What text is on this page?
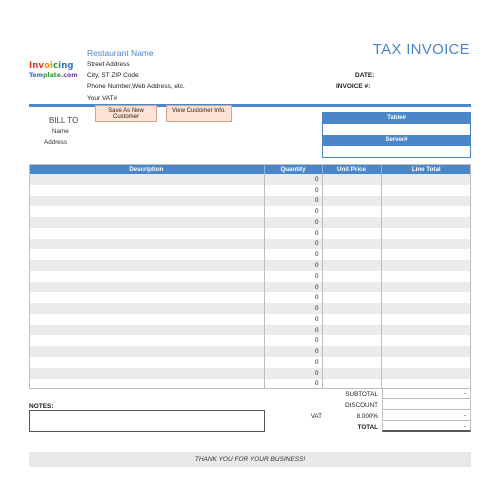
Invoicing
Template.com
Restaurant Name
Street Address
City, ST ZIP Code
Phone Number,Web Address, etc.
Your VAT#
TAX INVOICE
DATE:
INVOICE #:
Save As New Customer
View Customer Info.
BILL TO
Name
Address
Table#
Server#
Description	Quantity	Unit Price	Line Total
	0		
	0		
	0		
	0		
	0		
	0		
	0		
	0		
	0		
	0		
	0		
	0		
	0		
	0		
	0		
	0		
	0		
	0		
	0		
	0		
NOTES:
SUBTOTAL	-
DISCOUNT
VAT	8.000%	-
TOTAL	-
THANK YOU FOR YOUR BUSINESS!
